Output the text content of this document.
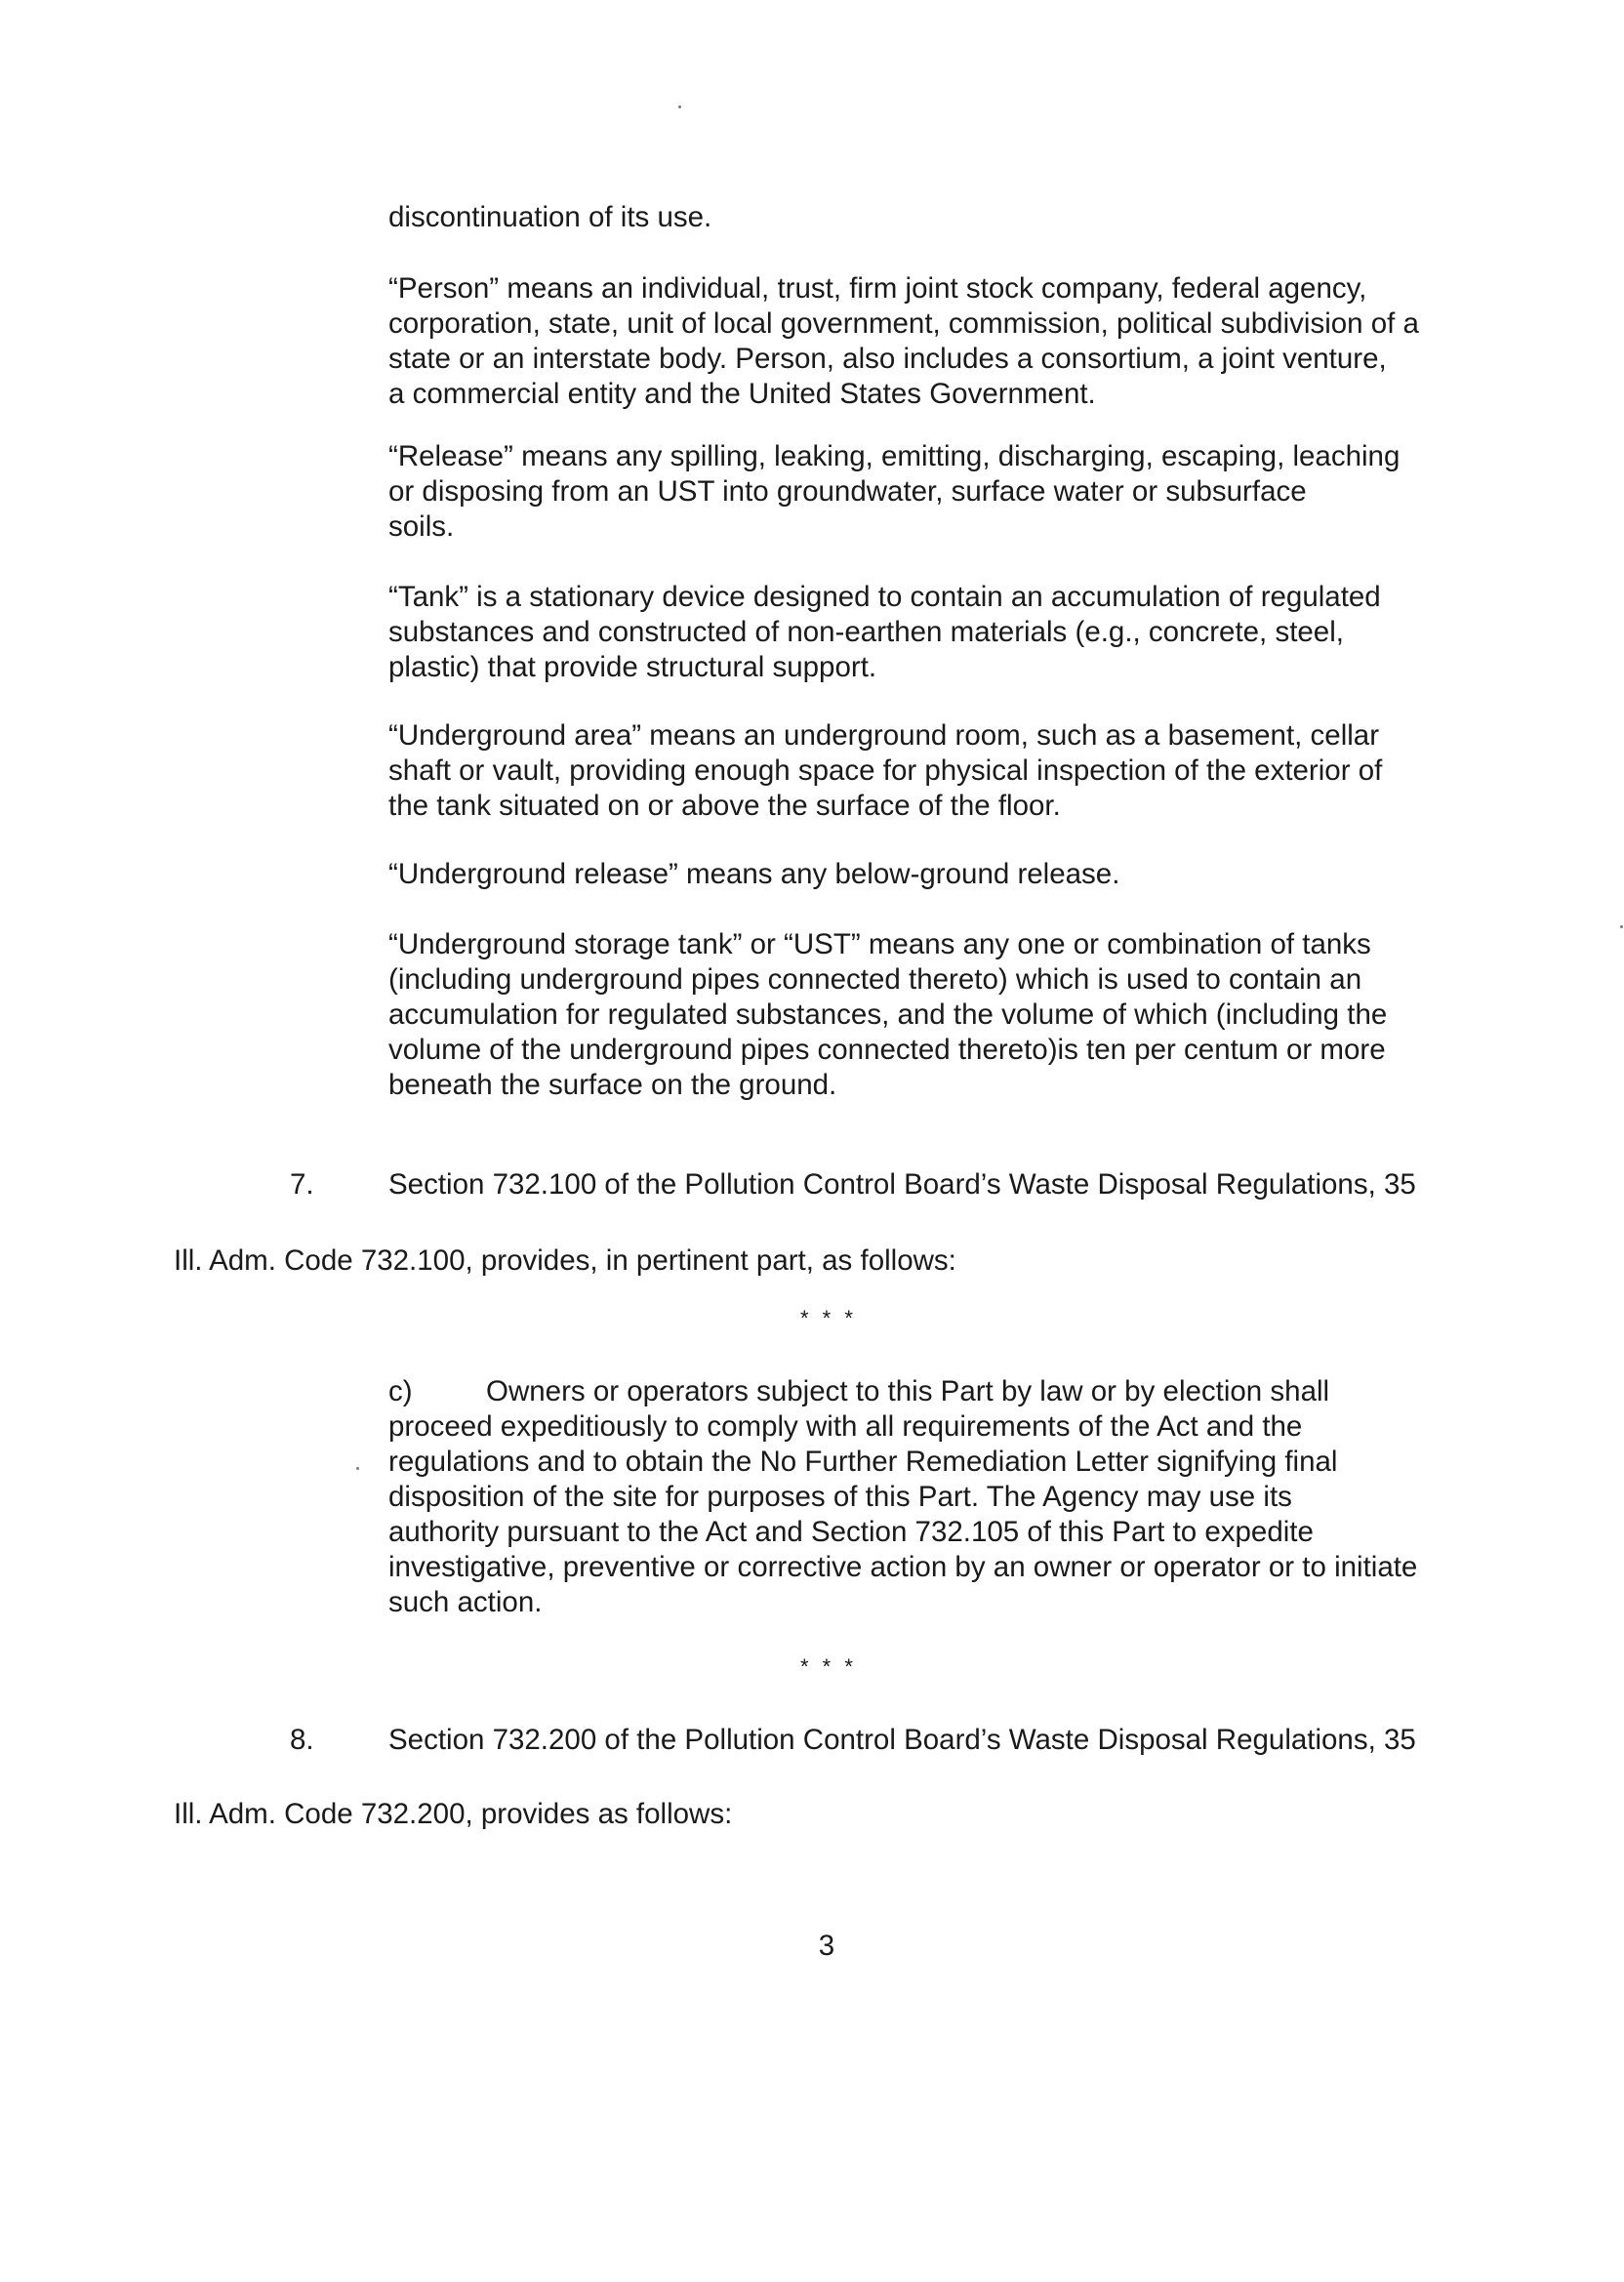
discontinuation of its use.
“Person” means an individual, trust, firm joint stock company, federal agency,
corporation, state, unit of local government, commission, political subdivision of a
state or an interstate body. Person, also includes a consortium, a joint venture,
a commercial entity and the United States Government.
“Release” means any spilling, leaking, emitting, discharging, escaping, leaching
or disposing from an UST into groundwater, surface water or subsurface
soils.
“Tank” is a stationary device designed to contain an accumulation of regulated
substances and constructed of non-earthen materials (e.g., concrete, steel,
plastic) that provide structural support.
“Underground area” means an underground room, such as a basement, cellar
shaft or vault, providing enough space for physical inspection of the exterior of
the tank situated on or above the surface of the floor.
“Underground release” means any below-ground release.
“Underground storage tank” or “UST” means any one or combination of tanks
(including underground pipes connected thereto) which is used to contain an
accumulation for regulated substances, and the volume of which (including the
volume of the underground pipes connected thereto)is ten per centum or more
beneath the surface on the ground.
7.	Section 732.100 of the Pollution Control Board’s Waste Disposal Regulations, 35
Ill. Adm. Code 732.100, provides, in pertinent part, as follows:
* * *
c)	Owners or operators subject to this Part by law or by election shall
proceed expeditiously to comply with all requirements of the Act and the
regulations and to obtain the No Further Remediation Letter signifying final
disposition of the site for purposes of this Part. The Agency may use its
authority pursuant to the Act and Section 732.105 of this Part to expedite
investigative, preventive or corrective action by an owner or operator or to initiate
such action.
* * *
8.	Section 732.200 of the Pollution Control Board’s Waste Disposal Regulations, 35
Ill. Adm. Code 732.200, provides as follows:
3
